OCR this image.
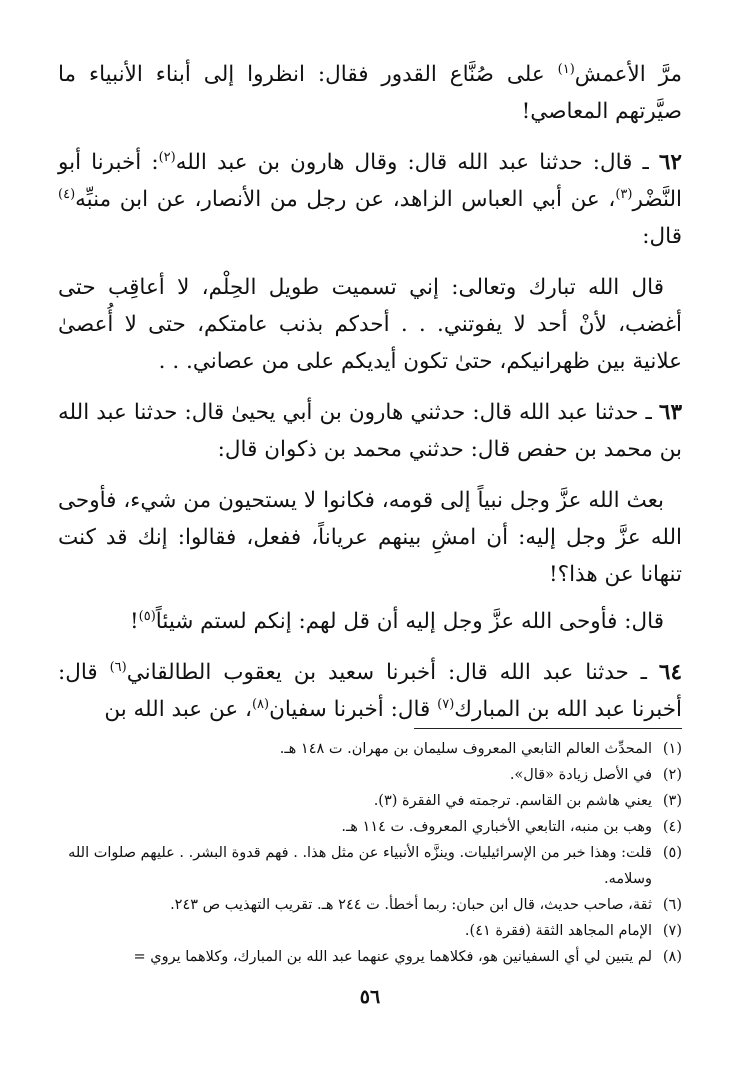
مرَّ الأعمش$^{(١)}$ على صُنَّاع القدور فقال: انظروا إلى أبناء الأنبياء ما صيَّرتهم المعاصي!

٦٢ ـ قال: حدثنا عبد الله قال: وقال هارون بن عبد الله$^{(٢)}$: أخبرنا أبو النَّضْر$^{(٣)}$، عن أبي العباس الزاهد، عن رجل من الأنصار، عن ابن منبِّه$^{(٤)}$ قال:

قال الله تبارك وتعالى: إني تسميت طويل الحِلْم، لا أعاقِب حتى أغضب، لأنْ أحد لا يفوتني. . . أحدكم بذنب عامتكم، حتى لا أُعصىٰ علانية بين ظهرانيكم، حتىٰ تكون أيديكم على من عصاني. . .

٦٣ ـ حدثنا عبد الله قال: حدثني هارون بن أبي يحيىٰ قال: حدثنا عبد الله بن محمد بن حفص قال: حدثني محمد بن ذكوان قال:

بعث الله عزَّ وجل نبياً إلى قومه، فكانوا لا يستحيون من شيء، فأوحى الله عزَّ وجل إليه: أن امشِ بينهم عرياناً، ففعل، فقالوا: إنك قد كنت تنهانا عن هذا؟!

قال: فأوحى الله عزَّ وجل إليه أن قل لهم: إنكم لستم شيئاً$^{(٥)}$!

٦٤ ـ حدثنا عبد الله قال: أخبرنا سعيد بن يعقوب الطالقاني$^{(٦)}$ قال: أخبرنا عبد الله بن المبارك$^{(٧)}$ قال: أخبرنا سفيان$^{(٨)}$، عن عبد الله بن

(١)
المحدِّث العالم التابعي المعروف سليمان بن مهران. ت ١٤٨ هـ.
(٢)
في الأصل زيادة «قال».
(٣)
يعني هاشم بن القاسم. ترجمته في الفقرة (٣).
(٤)
وهب بن منبه، التابعي الأخباري المعروف. ت ١١٤ هـ.
(٥)
قلت: وهذا خبر من الإسرائيليات. وينزَّه الأنبياء عن مثل هذا. . فهم قدوة البشر. . عليهم صلوات الله وسلامه.
(٦)
ثقة، صاحب حديث، قال ابن حبان: ربما أخطأ. ت ٢٤٤ هـ. تقريب التهذيب ص ٢٤٣.
(٧)
الإمام المجاهد الثقة (فقرة ٤١).
(٨)
لم يتبين لي أي السفيانين هو، فكلاهما يروي عنهما عبد الله بن المبارك، وكلاهما يروي =
٥٦
